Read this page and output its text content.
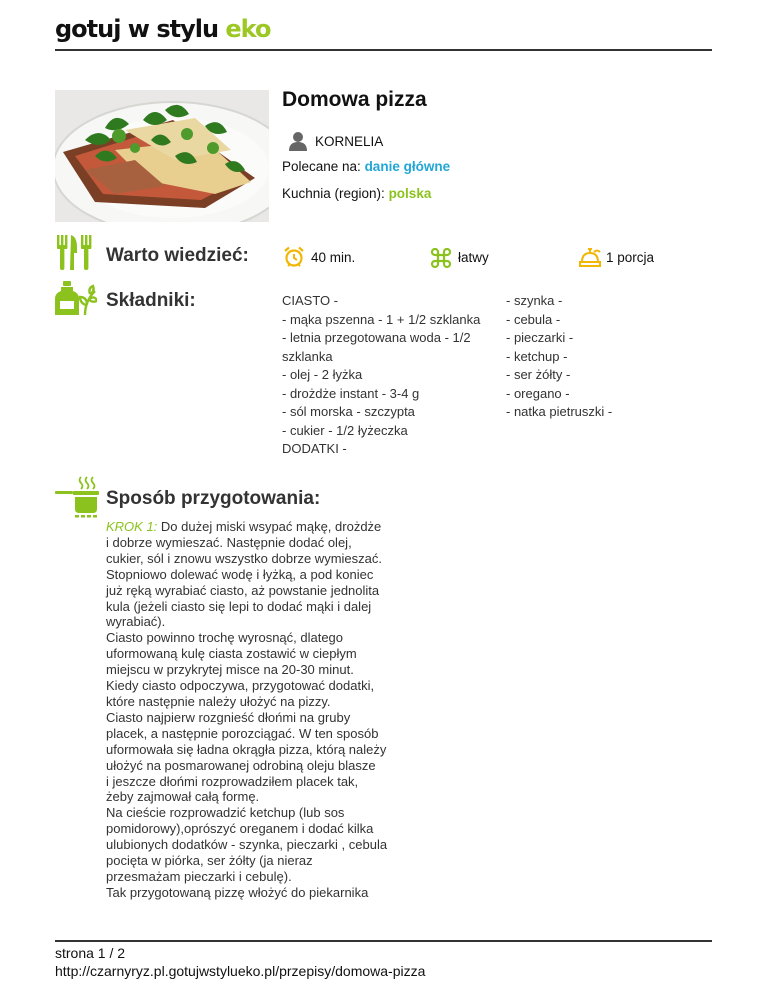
gotuj w stylu eko
Domowa pizza
KORNELIA
Polecane na: danie główne
Kuchnia (region): polska
Warto wiedzieć:	40 min.	łatwy	1 porcja
Składniki:	CIASTO -
- mąka pszenna - 1 + 1/2 szklanka
- letnia przegotowana woda - 1/2 szklanka
- olej - 2 łyżka
- drożdże instant - 3-4 g
- sól morska - szczypta
- cukier - 1/2 łyżeczka
DODATKI -
- szynka -
- cebula -
- pieczarki -
- ketchup -
- ser żółty -
- oregano -
- natka pietruszki -
Sposób przygotowania:
KROK 1: Do dużej miski wsypać mąkę, drożdże
i dobrze wymieszać. Następnie dodać olej,
cukier, sól i znowu wszystko dobrze wymieszać.
Stopniowo dolewać wodę i łyżką, a pod koniec
już ręką wyrabiać ciasto, aż powstanie jednolita
kula (jeżeli ciasto się lepi to dodać mąki i dalej
wyrabiać).
Ciasto powinno trochę wyrosnąć, dlatego
uformowaną kulę ciasta zostawić w ciepłym
miejscu w przykrytej misce na 20-30 minut.
Kiedy ciasto odpoczywa, przygotować dodatki,
które następnie należy ułożyć na pizzy.
Ciasto najpierw rozgnieść dłońmi na gruby
placek, a następnie porozciągać. W ten sposób
uformowała się ładna okrągła pizza, którą należy
ułożyć na posmarowanej odrobiną oleju blasze
i jeszcze dłońmi rozprowadziłem placek tak,
żeby zajmował całą formę.
Na cieście rozprowadzić ketchup (lub sos
pomidorowy),oprószyć oreganem i dodać kilka
ulubionych dodatków - szynka, pieczarki , cebula
pocięta w piórka, ser żółty (ja nieraz
przesmażam pieczarki i cebulę).
Tak przygotowaną pizzę włożyć do piekarnika
strona 1 / 2
http://czarnyryz.pl.gotujwstylueko.pl/przepisy/domowa-pizza
